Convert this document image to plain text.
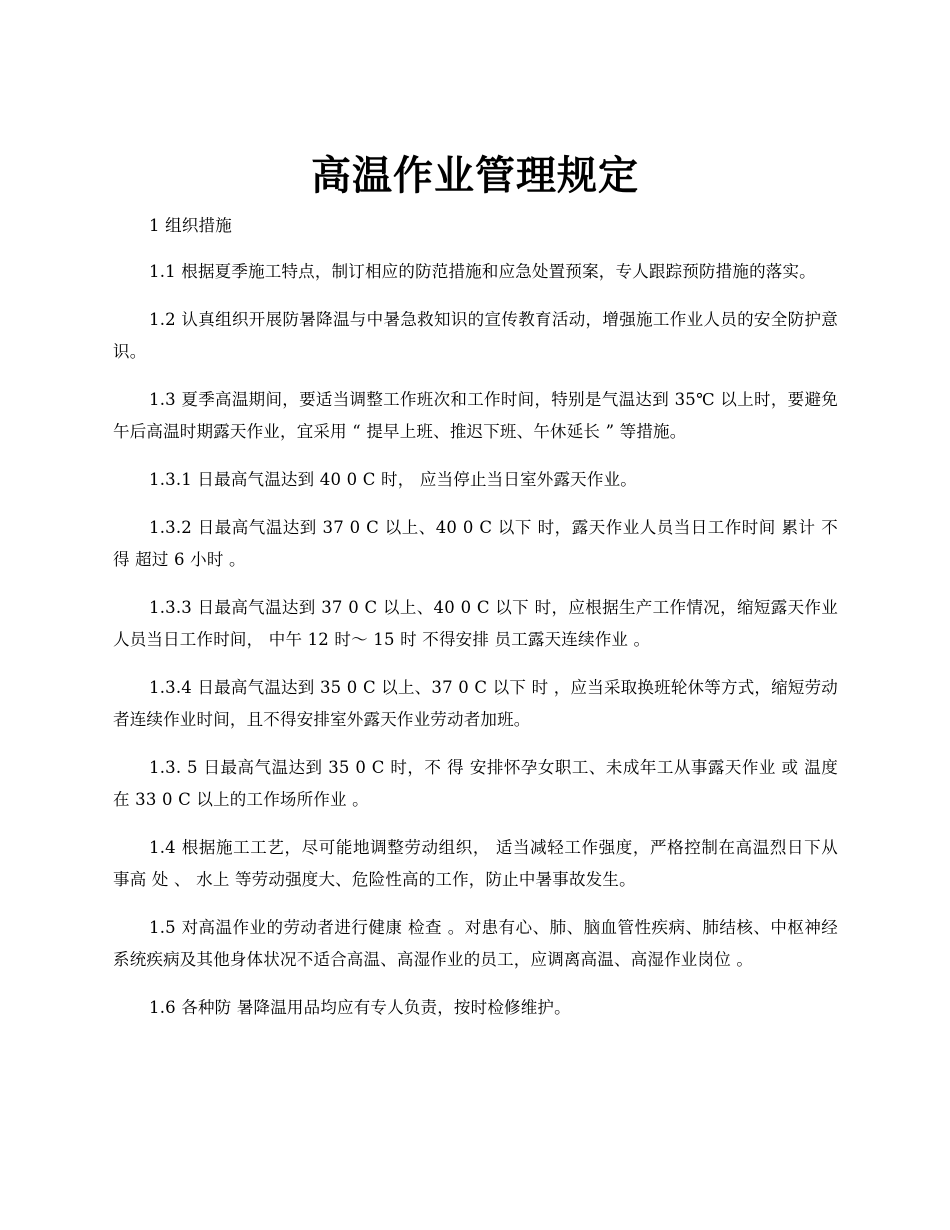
高温作业管理规定

1 组织措施

1.1 根据夏季施工特点，制订相应的防范措施和应急处置预案，专人跟踪预防措施的落实。

1.2 认真组织开展防暑降温与中暑急救知识的宣传教育活动，增强施工作业人员的安全防护意识。

1.3 夏季高温期间，要适当调整工作班次和工作时间，特别是气温达到 35℃ 以上时，要避免午后高温时期露天作业，宜采用 “ 提早上班、推迟下班、午休延长 ” 等措施。

1.3.1 日最高气温达到 40 0 C 时， 应当停止当日室外露天作业。

1.3.2 日最高气温达到 37 0 C 以上、40 0 C 以下 时，露天作业人员当日工作时间 累计 不 得 超过 6 小时 。

1.3.3 日最高气温达到 37 0 C 以上、40 0 C 以下 时，应根据生产工作情况，缩短露天作业人员当日工作时间， 中午 12 时～ 15 时 不得安排 员工露天连续作业 。

1.3.4 日最高气温达到 35 0 C 以上、37 0 C 以下 时 ，应当采取换班轮休等方式，缩短劳动者连续作业时间，且不得安排室外露天作业劳动者加班。

1.3. 5 日最高气温达到 35 0 C 时，不 得 安排怀孕女职工、未成年工从事露天作业 或 温度在 33 0 C 以上的工作场所作业 。

1.4 根据施工工艺，尽可能地调整劳动组织， 适当减轻工作强度，严格控制在高温烈日下从事高 处 、 水上 等劳动强度大、危险性高的工作，防止中暑事故发生。

1.5 对高温作业的劳动者进行健康 检查 。对患有心、肺、脑血管性疾病、肺结核、中枢神经系统疾病及其他身体状况不适合高温、高湿作业的员工，应调离高温、高湿作业岗位 。

1.6 各种防 暑降温用品均应有专人负责，按时检修维护。
